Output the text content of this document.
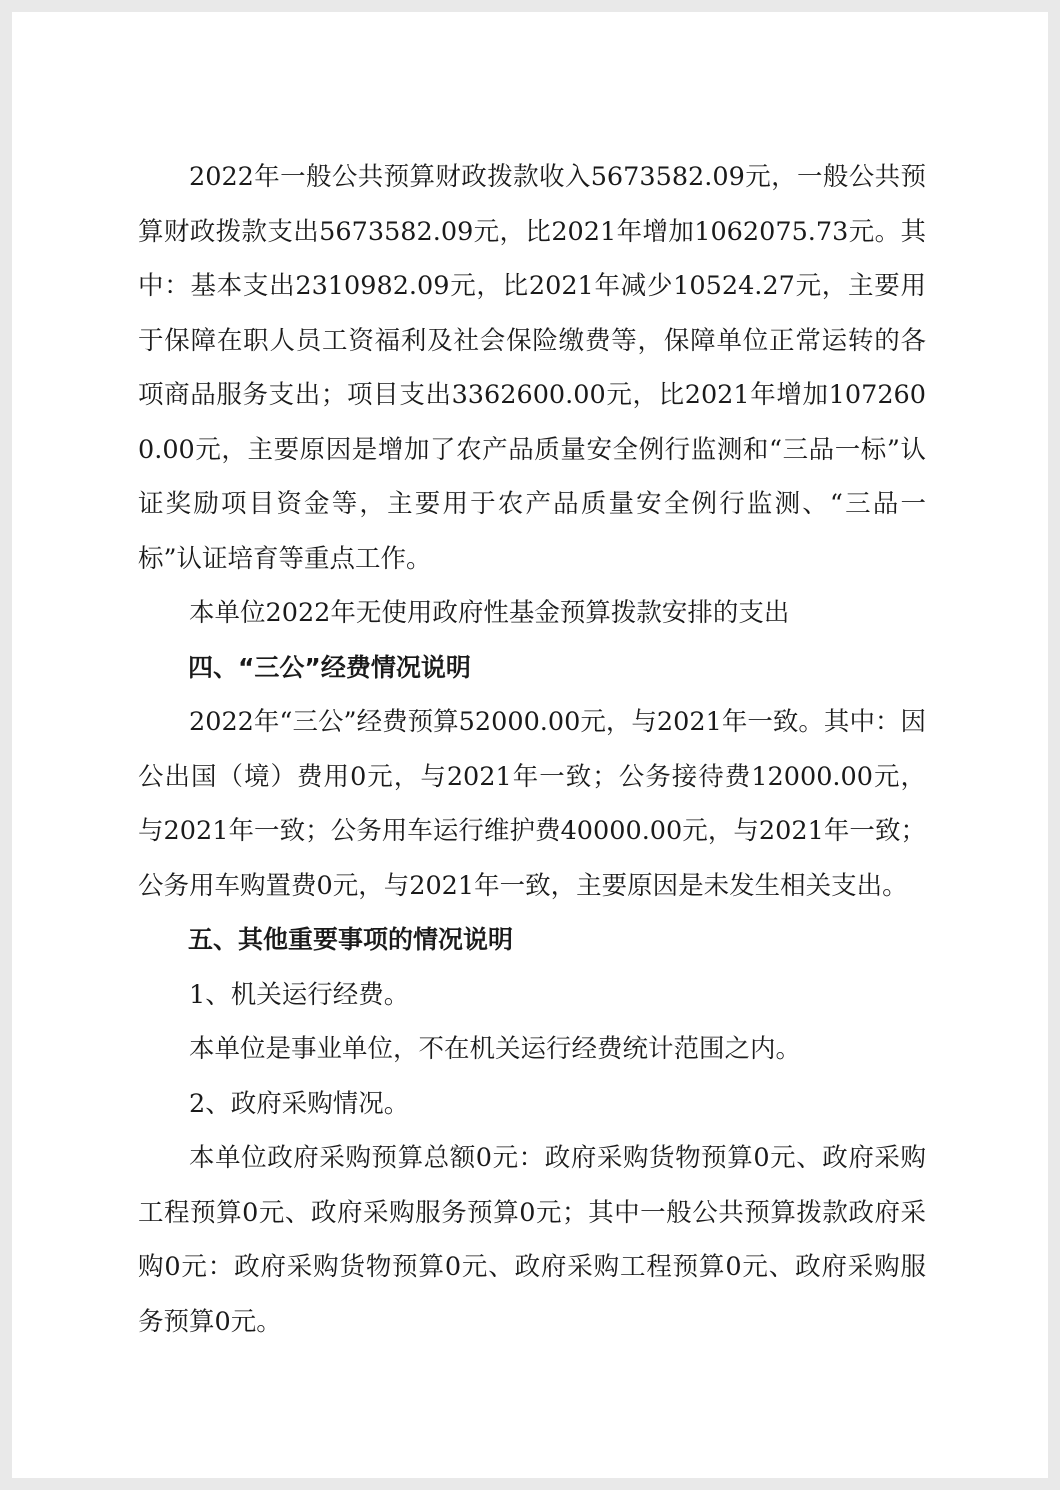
2022年一般公共预算财政拨款收入5673582.09元，一般公共预算财政拨款支出5673582.09元，比2021年增加1062075.73元。其中：基本支出2310982.09元，比2021年减少10524.27元，主要用于保障在职人员工资福利及社会保险缴费等，保障单位正常运转的各项商品服务支出；项目支出3362600.00元，比2021年增加1072600.00元，主要原因是增加了农产品质量安全例行监测和“三品一标”认证奖励项目资金等，主要用于农产品质量安全例行监测、“三品一标”认证培育等重点工作。

本单位2022年无使用政府性基金预算拨款安排的支出

四、“三公”经费情况说明

2022年“三公”经费预算52000.00元，与2021年一致。其中：因公出国（境）费用0元，与2021年一致；公务接待费12000.00元，与2021年一致；公务用车运行维护费40000.00元，与2021年一致；公务用车购置费0元，与2021年一致，主要原因是未发生相关支出。

五、其他重要事项的情况说明

1、机关运行经费。

本单位是事业单位，不在机关运行经费统计范围之内。

2、政府采购情况。

本单位政府采购预算总额0元：政府采购货物预算0元、政府采购工程预算0元、政府采购服务预算0元；其中一般公共预算拨款政府采购0元：政府采购货物预算0元、政府采购工程预算0元、政府采购服务预算0元。
